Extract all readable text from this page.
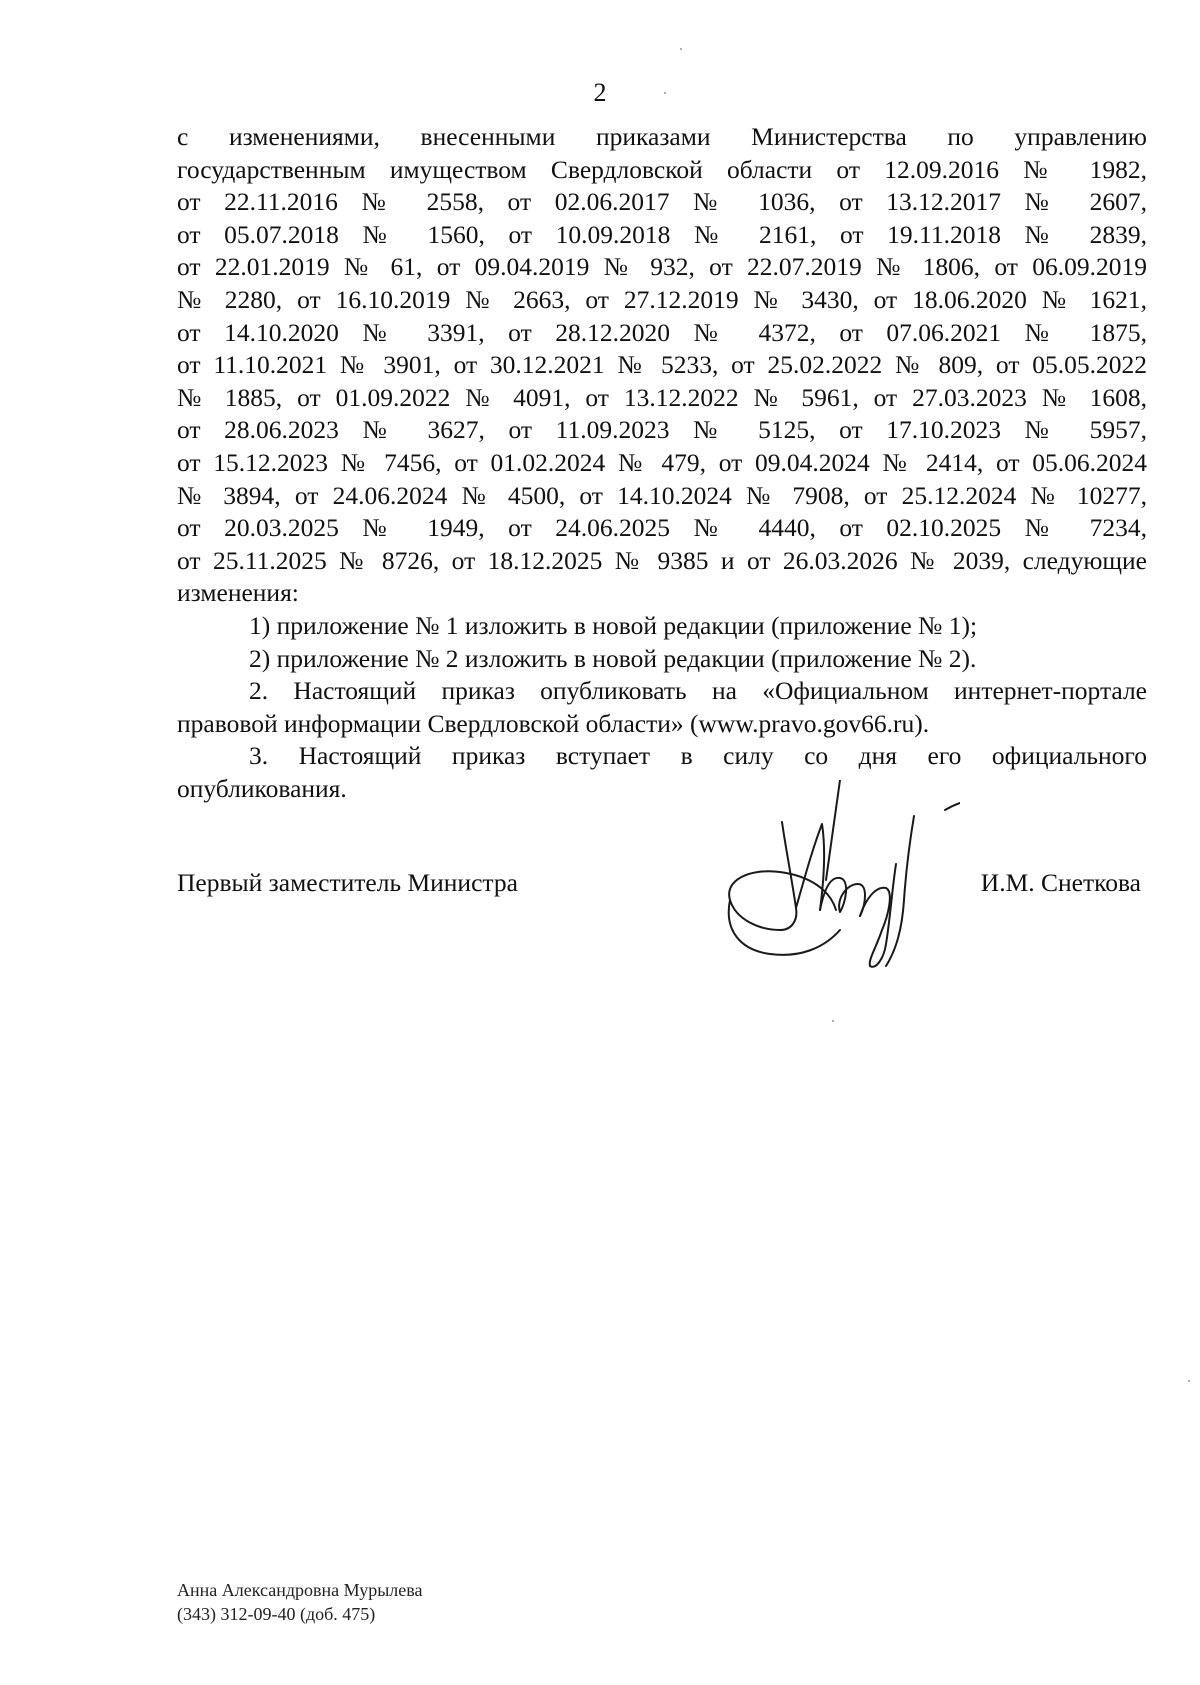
2
с изменениями, внесенными приказами Министерства по управлению
государственным имуществом Свердловской области от 12.09.2016 № 1982,
от 22.11.2016 № 2558, от 02.06.2017 № 1036, от 13.12.2017 № 2607,
от 05.07.2018 № 1560, от 10.09.2018 № 2161, от 19.11.2018 № 2839,
от 22.01.2019 № 61, от 09.04.2019 № 932, от 22.07.2019 № 1806, от 06.09.2019
№ 2280, от 16.10.2019 № 2663, от 27.12.2019 № 3430, от 18.06.2020 № 1621,
от 14.10.2020 № 3391, от 28.12.2020 № 4372, от 07.06.2021 № 1875,
от 11.10.2021 № 3901, от 30.12.2021 № 5233, от 25.02.2022 № 809, от 05.05.2022
№ 1885, от 01.09.2022 № 4091, от 13.12.2022 № 5961, от 27.03.2023 № 1608,
от 28.06.2023 № 3627, от 11.09.2023 № 5125, от 17.10.2023 № 5957,
от 15.12.2023 № 7456, от 01.02.2024 № 479, от 09.04.2024 № 2414, от 05.06.2024
№ 3894, от 24.06.2024 № 4500, от 14.10.2024 № 7908, от 25.12.2024 № 10277,
от 20.03.2025 № 1949, от 24.06.2025 № 4440, от 02.10.2025 № 7234,
от 25.11.2025 № 8726, от 18.12.2025 № 9385 и от 26.03.2026 № 2039, следующие
изменения:
1) приложение № 1 изложить в новой редакции (приложение № 1);
2) приложение № 2 изложить в новой редакции (приложение № 2).
2. Настоящий приказ опубликовать на «Официальном интернет-портале
правовой информации Свердловской области» (www.pravo.gov66.ru).
3. Настоящий приказ вступает в силу со дня его официального
опубликования.
Первый заместитель Министра	И.М. Снеткова
Анна Александровна Мурылева
(343) 312-09-40 (доб. 475)
